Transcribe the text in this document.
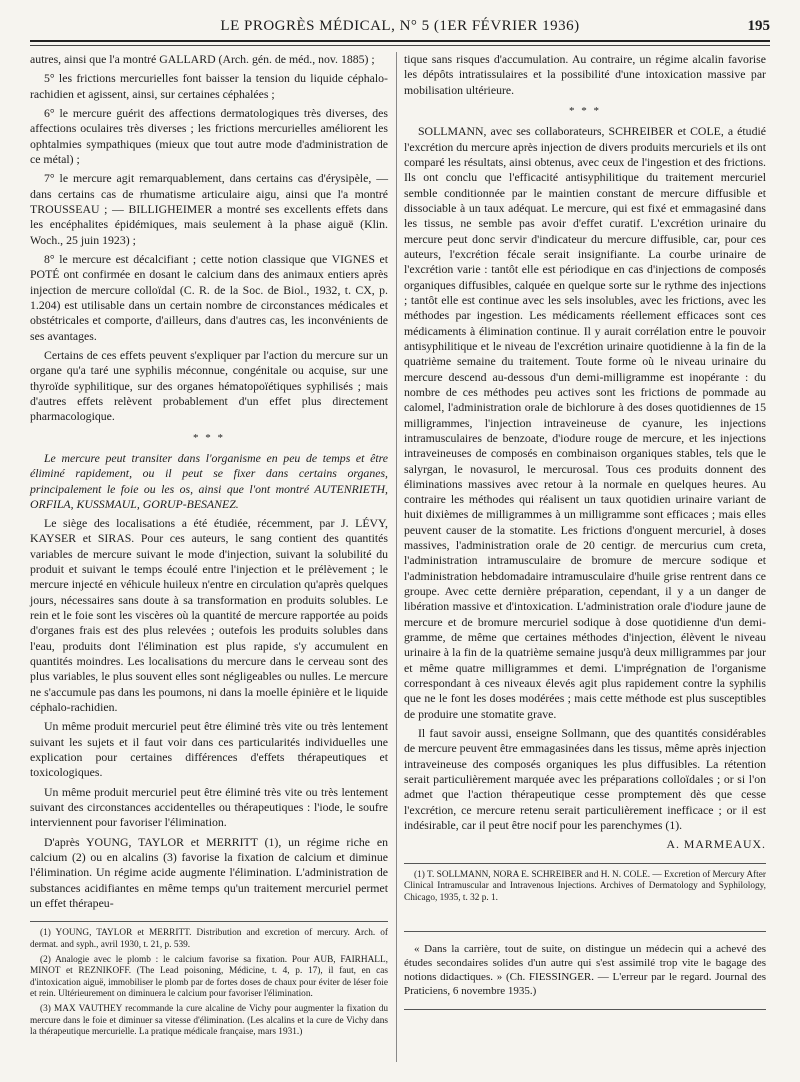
LE PROGRÈS MÉDICAL, N° 5 (1ER FÉVRIER 1936)	195

autres, ainsi que l'a montré GALLARD (Arch. gén. de méd., nov. 1885) ;

5° les frictions mercurielles font baisser la tension du liquide céphalo-rachidien et agissent, ainsi, sur certaines céphalées ;

6° le mercure guérit des affections dermatologiques très diverses, des affections oculaires très diverses ; les frictions mercurielles améliorent les ophtalmies sympathiques (mieux que tout autre mode d'administration de ce métal) ;

7° le mercure agit remarquablement, dans certains cas d'érysipèle, — dans certains cas de rhumatisme articulaire aigu, ainsi que l'a montré TROUSSEAU ; — BILLIGHEIMER a montré ses excellents effets dans les encéphalites épidémiques, mais seulement à la phase aiguë (Klin. Woch., 25 juin 1923) ;

8° le mercure est décalcifiant ; cette notion classique que VIGNES et POTÉ ont confirmée en dosant le calcium dans des animaux entiers après injection de mercure colloïdal (C. R. de la Soc. de Biol., 1932, t. CX, p. 1.204) est utilisable dans un certain nombre de circonstances médicales et obstétricales et comporte, d'ailleurs, dans d'autres cas, les inconvénients de ses avantages.

Certains de ces effets peuvent s'expliquer par l'action du mercure sur un organe qu'a taré une syphilis méconnue, congénitale ou acquise, sur une thyroïde syphilitique, sur des organes hématopoïétiques syphilisés ; mais d'autres effets relèvent probablement d'un effet plus directement pharmacologique.

* * *

Le mercure peut transiter dans l'organisme en peu de temps et être éliminé rapidement, ou il peut se fixer dans certains organes, principalement le foie ou les os, ainsi que l'ont montré AUTENRIETH, ORFILA, KUSSMAUL, GORUP-BESANEZ.

Le siège des localisations a été étudiée, récemment, par J. LÉVY, KAYSER et SIRAS. Pour ces auteurs, le sang contient des quantités variables de mercure suivant le mode d'injection, suivant la solubilité du produit et suivant le temps écoulé entre l'injection et le prélèvement ; le mercure injecté en véhicule huileux n'entre en circulation qu'après quelques jours, nécessaires sans doute à sa transformation en produits solubles. Le rein et le foie sont les viscères où la quantité de mercure rapportée au poids d'organes frais est des plus relevées ; outefois les produits solubles dans l'eau, produits dont l'élimination est plus rapide, s'y accumulent en quantités moindres. Les localisations du mercure dans le cerveau sont des plus variables, le plus souvent elles sont négligeables ou nulles. Le mercure ne s'accumule pas dans les poumons, ni dans la moelle épinière et le liquide céphalo-rachidien.

Un même produit mercuriel peut être éliminé très vite ou très lentement suivant les sujets et il faut voir dans ces particularités individuelles une explication pour certaines différences d'effets thérapeutiques et toxicologiques.

Un même produit mercuriel peut être éliminé très vite ou très lentement suivant des circonstances accidentelles ou thérapeutiques : l'iode, le soufre interviennent pour favoriser l'élimination.

D'après YOUNG, TAYLOR et MERRITT (1), un régime riche en calcium (2) ou en alcalins (3) favorise la fixation de calcium et diminue l'élimination. Un régime acide augmente l'élimination. L'administration de substances acidifiantes en même temps qu'un traitement mercuriel permet un effet thérapeu-

(1) YOUNG, TAYLOR et MERRITT. Distribution and excretion of mercury. Arch. of dermat. and syph., avril 1930, t. 21, p. 539.

(2) Analogie avec le plomb : le calcium favorise sa fixation. Pour AUB, FAIRHALL, MINOT et REZNIKOFF. (The Lead poisoning, Médicine, t. 4, p. 17), il faut, en cas d'intoxication aiguë, immobiliser le plomb par de fortes doses de chaux pour éviter de léser foie et rein. Ultérieurement on diminuera le calcium pour favoriser l'élimination.

(3) MAX VAUTHEY recommande la cure alcaline de Vichy pour augmenter la fixation du mercure dans le foie et diminuer sa vitesse d'élimination. (Les alcalins et la cure de Vichy dans la thérapeutique mercurielle. La pratique médicale française, mars 1931.)

tique sans risques d'accumulation. Au contraire, un régime alcalin favorise les dépôts intratissulaires et la possibilité d'une intoxication massive par mobilisation ultérieure.

* * *

SOLLMANN, avec ses collaborateurs, SCHREIBER et COLE, a étudié l'excrétion du mercure après injection de divers produits mercuriels et ils ont comparé les résultats, ainsi obtenus, avec ceux de l'ingestion et des frictions. Ils ont conclu que l'efficacité antisyphilitique du traitement mercuriel semble conditionnée par le maintien constant de mercure diffusible et dissociable à un taux adéquat. Le mercure, qui est fixé et emmagasiné dans les tissus, ne semble pas avoir d'effet curatif. L'excrétion urinaire du mercure peut donc servir d'indicateur du mercure diffusible, car, pour ces auteurs, l'excrétion fécale serait insignifiante. La courbe urinaire de l'excrétion varie : tantôt elle est périodique en cas d'injections de composés organiques diffusibles, calquée en quelque sorte sur le rythme des injections ; tantôt elle est continue avec les sels insolubles, avec les frictions, avec les méthodes par ingestion. Les médicaments réellement efficaces sont ces médicaments à élimination continue. Il y aurait corrélation entre le pouvoir antisyphilitique et le niveau de l'excrétion urinaire quotidienne à la fin de la quatrième semaine du traitement. Toute forme où le niveau urinaire du mercure descend au-dessous d'un demi-milligramme est inopérante : du nombre de ces méthodes peu actives sont les frictions de pommade au calomel, l'administration orale de bichlorure à des doses quotidiennes de 15 milligrammes, l'injection intraveineuse de cyanure, les injections intramusculaires de benzoate, d'iodure rouge de mercure, et les injections intraveineuses de composés en combinaison organiques stables, tels que le salyrgan, le novasurol, le mercurosal. Tous ces produits donnent des éliminations massives avec retour à la normale en quelques heures. Au contraire les méthodes qui réalisent un taux quotidien urinaire variant de huit dixièmes de milligrammes à un milligramme sont efficaces ; mais elles peuvent causer de la stomatite. Les frictions d'onguent mercuriel, à doses massives, l'administration orale de 20 centigr. de mercurius cum creta, l'administration intramusculaire de bromure de mercure sodique et l'administration hebdomadaire intramusculaire d'huile grise rentrent dans ce groupe. Avec cette dernière préparation, cependant, il y a un danger de libération massive et d'intoxication. L'administration orale d'iodure jaune de mercure et de bromure mercuriel sodique à dose quotidienne d'un demi-gramme, de même que certaines méthodes d'injection, élèvent le niveau urinaire à la fin de la quatrième semaine jusqu'à deux milligrammes par jour et même quatre milligrammes et demi. L'imprégnation de l'organisme correspondant à ces niveaux élevés agit plus rapidement contre la syphilis que ne le font les doses modérées ; mais cette méthode est plus susceptibles de produire une stomatite grave.

Il faut savoir aussi, enseigne Sollmann, que des quantités considérables de mercure peuvent être emmagasinées dans les tissus, même après injection intraveineuse des composés organiques les plus diffusibles. La rétention serait particulièrement marquée avec les préparations colloïdales ; or si l'on admet que l'action thérapeutique cesse promptement dès que cesse l'excrétion, ce mercure retenu serait particulièrement inefficace ; or il est indésirable, car il peut être nocif pour les parenchymes (1).

A. MARMEAUX.

(1) T. SOLLMANN, NORA E. SCHREIBER and H. N. COLE. — Excretion of Mercury After Clinical Intramuscular and Intravenous Injections. Archives of Dermatology and Syphilology, Chicago, 1935, t. 32 p. 1.

« Dans la carrière, tout de suite, on distingue un médecin qui a achevé des études secondaires solides d'un autre qui s'est assimilé trop vite le bagage des notions didactiques. » (Ch. FIESSINGER. — L'erreur par le regard. Journal des Praticiens, 6 novembre 1935.)
